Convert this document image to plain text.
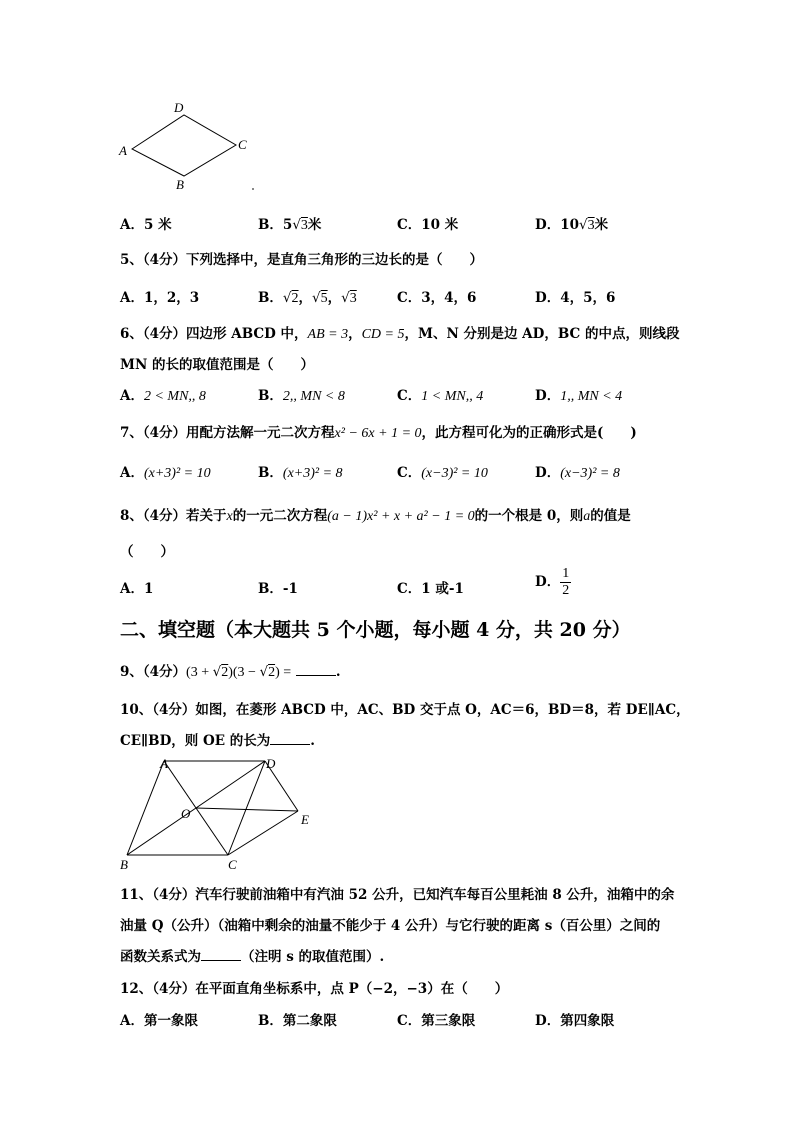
D
A	C
B
A．5 米	B．5√3米	C．10 米	D．10√3米
5、（4分）下列选择中，是直角三角形的三边长的是（　　）
A．1，2，3	B．√2，√5，√3	C．3，4，6	D．4，5，6
6、（4分）四边形 ABCD 中，AB = 3，CD = 5，M、N 分别是边 AD，BC 的中点，则线段
MN 的长的取值范围是（　　）
A．2 < MN,, 8	B．2,, MN < 8	C．1 < MN,, 4	D．1,, MN < 4
7、（4分）用配方法解一元二次方程x² − 6x + 1 = 0，此方程可化为的正确形式是(　　)
A．(x+3)² = 10	B．(x+3)² = 8	C．(x−3)² = 10	D．(x−3)² = 8
8、（4分）若关于x的一元二次方程(a − 1)x² + x + a² − 1 = 0的一个根是 0，则a的值是
（　　）
A．1	B．-1	C．1 或-1	D． $\frac{1}{2}$
二、填空题（本大题共 5 个小题，每小题 4 分，共 20 分）
9、（4分）(3 + √2)(3 − √2) =	.
10、（4分）如图，在菱形 ABCD 中，AC、BD 交于点 O，AC＝6，BD＝8，若 DE∥AC，
CE∥BD，则 OE 的长为	.
A	D
O	E
B	C
11、（4分）汽车行驶前油箱中有汽油 52 公升，已知汽车每百公里耗油 8 公升，油箱中的余
油量 Q（公升）（油箱中剩余的油量不能少于 4 公升）与它行驶的距离 s（百公里）之间的
函数关系式为	（注明 s 的取值范围）.
12、（4分）在平面直角坐标系中，点 P（−2，−3）在（　　）
A．第一象限	B．第二象限	C．第三象限	D．第四象限
